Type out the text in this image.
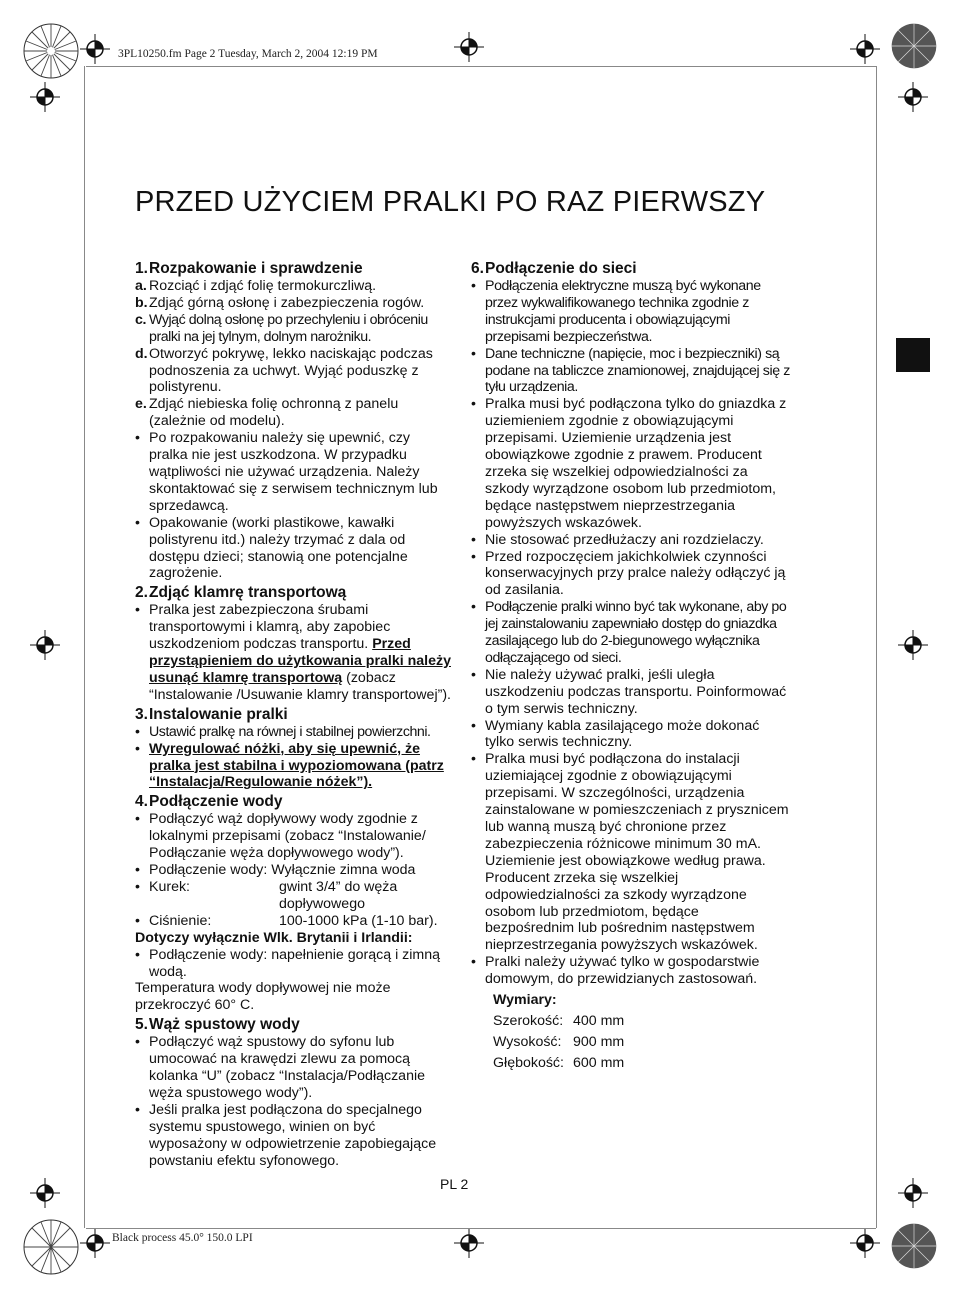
3PL10250.fm Page 2 Tuesday, March 2, 2004 12:19 PM
Black process 45.0° 150.0 LPI
PRZED UŻYCIEM PRALKI PO RAZ PIERWSZY
1. Rozpakowanie i sprawdzenie
a. Rozciąć i zdjąć folię termokurczliwą.
b. Zdjąć górną osłonę i zabezpieczenia rogów.
c. Wyjąć dolną osłonę po przechyleniu i obróceniu pralki na jej tylnym, dolnym narożniku.
d. Otworzyć pokrywę, lekko naciskając podczas podnoszenia za uchwyt. Wyjąć poduszkę z polistyrenu.
e. Zdjąć niebieska folię ochronną z panelu (zależnie od modelu).
• Po rozpakowaniu należy się upewnić, czy pralka nie jest uszkodzona. W przypadku wątpliwości nie używać urządzenia. Należy skontaktować się z serwisem technicznym lub sprzedawcą.
• Opakowanie (worki plastikowe, kawałki polistyrenu itd.) należy trzymać z dala od dostępu dzieci; stanowią one potencjalne zagrożenie.
2. Zdjąć klamrę transportową
• Pralka jest zabezpieczona śrubami transportowymi i klamrą, aby zapobiec uszkodzeniom podczas transportu. Przed przystąpieniem do użytkowania pralki należy usunąć klamrę transportową (zobacz “Instalowanie /Usuwanie klamry transportowej”).
3. Instalowanie pralki
• Ustawić pralkę na równej i stabilnej powierzchni.
• Wyregulować nóżki, aby się upewnić, że pralka jest stabilna i wypoziomowana (patrz “Instalacja/Regulowanie nóżek”).
4. Podłączenie wody
• Podłączyć wąż dopływowy wody zgodnie z lokalnymi przepisami (zobacz “Instalowanie/ Podłączanie węża dopływowego wody”).
• Podłączenie wody: Wyłącznie zimna woda
• Kurek:	gwint 3/4” do węża dopływowego
• Ciśnienie:	100-1000 kPa (1-10 bar).

Dotyczy wyłącznie Wlk. Brytanii i Irlandii:

• Podłączenie wody: napełnienie gorącą i zimną wodą.

Temperatura wody dopływowej nie może przekroczyć 60° C.

5. Wąż spustowy wody
• Podłączyć wąż spustowy do syfonu lub umocować na krawędzi zlewu za pomocą kolanka “U” (zobacz “Instalacja/Podłączanie węża spustowego wody”).
• Jeśli pralka jest podłączona do specjalnego systemu spustowego, winien on być wyposażony w odpowietrzenie zapobiegające powstaniu efektu syfonowego.
6. Podłączenie do sieci
• Podłączenia elektryczne muszą być wykonane przez wykwalifikowanego technika zgodnie z instrukcjami producenta i obowiązującymi przepisami bezpieczeństwa.
• Dane techniczne (napięcie, moc i bezpieczniki) są podane na tabliczce znamionowej, znajdującej się z tyłu urządzenia.
• Pralka musi być podłączona tylko do gniazdka z uziemieniem zgodnie z obowiązującymi przepisami. Uziemienie urządzenia jest obowiązkowe zgodnie z prawem. Producent zrzeka się wszelkiej odpowiedzialności za szkody wyrządzone osobom lub przedmiotom, będące następstwem nieprzestrzegania powyższych wskazówek.
• Nie stosować przedłużaczy ani rozdzielaczy.
• Przed rozpoczęciem jakichkolwiek czynności konserwacyjnych przy pralce należy odłączyć ją od zasilania.
• Podłączenie pralki winno być tak wykonane, aby po jej zainstalowaniu zapewniało dostęp do gniazdka zasilającego lub do 2-biegunowego wyłącznika odłączającego od sieci.
• Nie należy używać pralki, jeśli uległa uszkodzeniu podczas transportu. Poinformować o tym serwis techniczny.
• Wymiany kabla zasilającego może dokonać tylko serwis techniczny.
• Pralka musi być podłączona do instalacji uziemiającej zgodnie z obowiązującymi przepisami. W szczególności, urządzenia zainstalowane w pomieszczeniach z prysznicem lub wanną muszą być chronione przez zabezpieczenia różnicowe minimum 30 mA. Uziemienie jest obowiązkowe według prawa. Producent zrzeka się wszelkiej odpowiedzialności za szkody wyrządzone osobom lub przedmiotom, będące bezpośrednim lub pośrednim następstwem nieprzestrzegania powyższych wskazówek.
• Pralki należy używać tylko w gospodarstwie domowym, do przewidzianych zastosowań.

Wymiary:

Szerokość: 400 mm
Wysokość: 900 mm
Głębokość: 600 mm
PL 2
